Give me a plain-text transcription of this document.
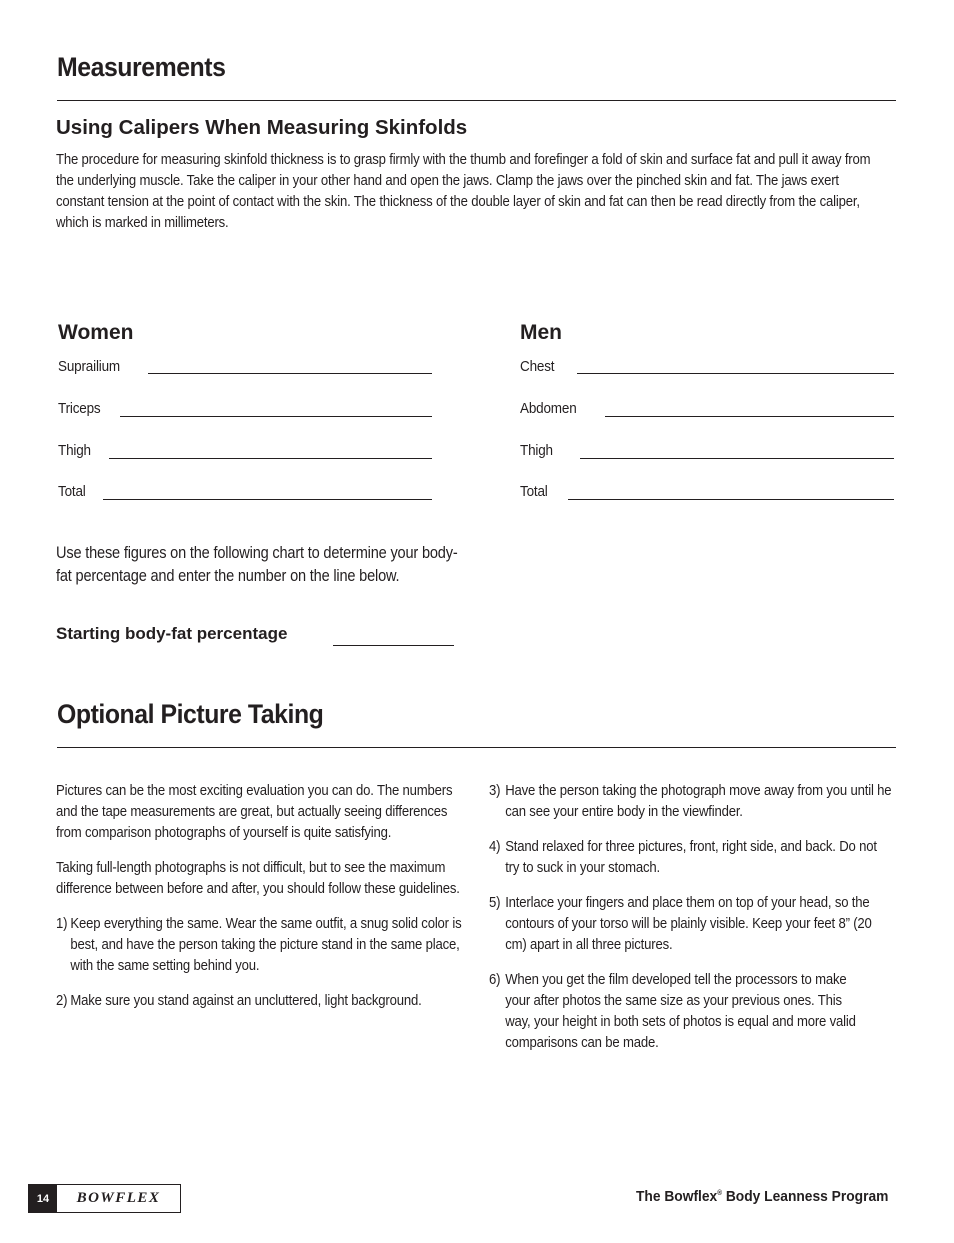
Measurements
Using Calipers When Measuring Skinfolds

The procedure for measuring skinfold thickness is to grasp firmly with the thumb and forefinger a fold of skin and surface fat and pull it away from the underlying muscle. Take the caliper in your other hand and open the jaws. Clamp the jaws over the pinched skin and fat. The jaws exert constant tension at the point of contact with the skin. The thickness of the double layer of skin and fat can then be read directly from the caliper, which is marked in millimeters.

Women
Suprailium
Triceps
Thigh
Total
Men
Chest
Abdomen
Thigh
Total

Use these figures on the following chart to determine your body-fat percentage and enter the number on the line below.

Starting body-fat percentage
Optional Picture Taking

Pictures can be the most exciting evaluation you can do. The numbers and the tape measurements are great, but actually seeing differences from comparison photographs of yourself is quite satisfying.

Taking full-length photographs is not difficult, but to see the maximum difference between before and after, you should follow these guidelines.

1) Keep everything the same. Wear the same outfit, a snug solid color is best, and have the person taking the picture stand in the same place, with the same setting behind you.
2) Make sure you stand against an uncluttered, light background.
3) Have the person taking the photograph move away from you until he can see your entire body in the viewfinder.
4) Stand relaxed for three pictures, front, right side, and back. Do not try to suck in your stomach.
5) Interlace your fingers and place them on top of your head, so the contours of your torso will be plainly visible. Keep your feet 8” (20 cm) apart in all three pictures.
6) When you get the film developed tell the processors to make your after photos the same size as your previous ones. This way, your height in both sets of photos is equal and more valid comparisons can be made.
14	BOWFLEX	The Bowflex® Body Leanness Program
